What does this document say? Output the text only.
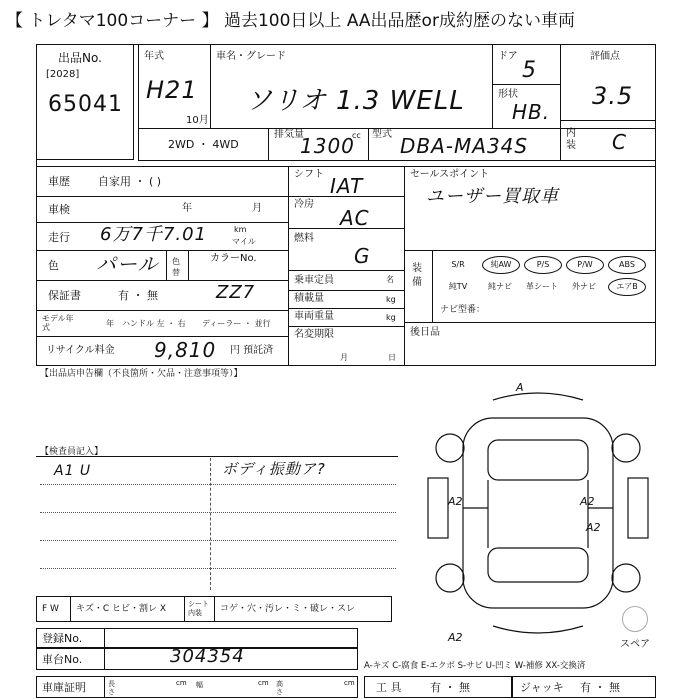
【 トレタマ100コーナー 】 過去100日以上 AA出品歴or成約歴のない車両
出品No.
[2028]
65041
年式
H21
10月
車名・グレード
ソリオ 1.3 WELL
ドア
5
形状
HB.
評価点
3.5
内装 C
2WD ・ 4WD
排気量
1300
cc 型式 DBA-MA34S
車歴	自家用 ・ ( )
車検	年	月
走行 6万7千7.01	km
マイル
色 パール 色替
カラーNo.
ZZ7
保証書	有 ・ 無
モデル年式	年 ハンドル 左 ・ 右 ディーラー ・ 並行
リサイクル料金 9,810 円 預託済
シフト IAT
冷房
AC
燃料
G
乗車定員	名
積載量	kg
車両重量	kg
名変期限
月	日
セールスポイント
ユーザー買取車
装備
S/R	純AW	P/S	P/W	ABS
純TV	純ナビ	革シート	外ナビ	エアB
ナビ型番：
後日品
【出品店申告欄（不良箇所・欠品・注意事項等）】
【検査員記入】
A1 U	ボディ振動ア?
A
A2	A2
A2
A2
スペア
A-キズ C-腐食 E-エクボ S-サビ U-凹ミ W-補修 XX-交換済
F W キズ・C ヒビ・割レ X	シート内装	コゲ・穴・汚レ・ミ・破レ・スレ
登録No.
車台No.	304354
車庫証明	長さ
cm 幅	cm 高さ
cm 工 具	有 ・ 無	ジャッキ 有 ・ 無
